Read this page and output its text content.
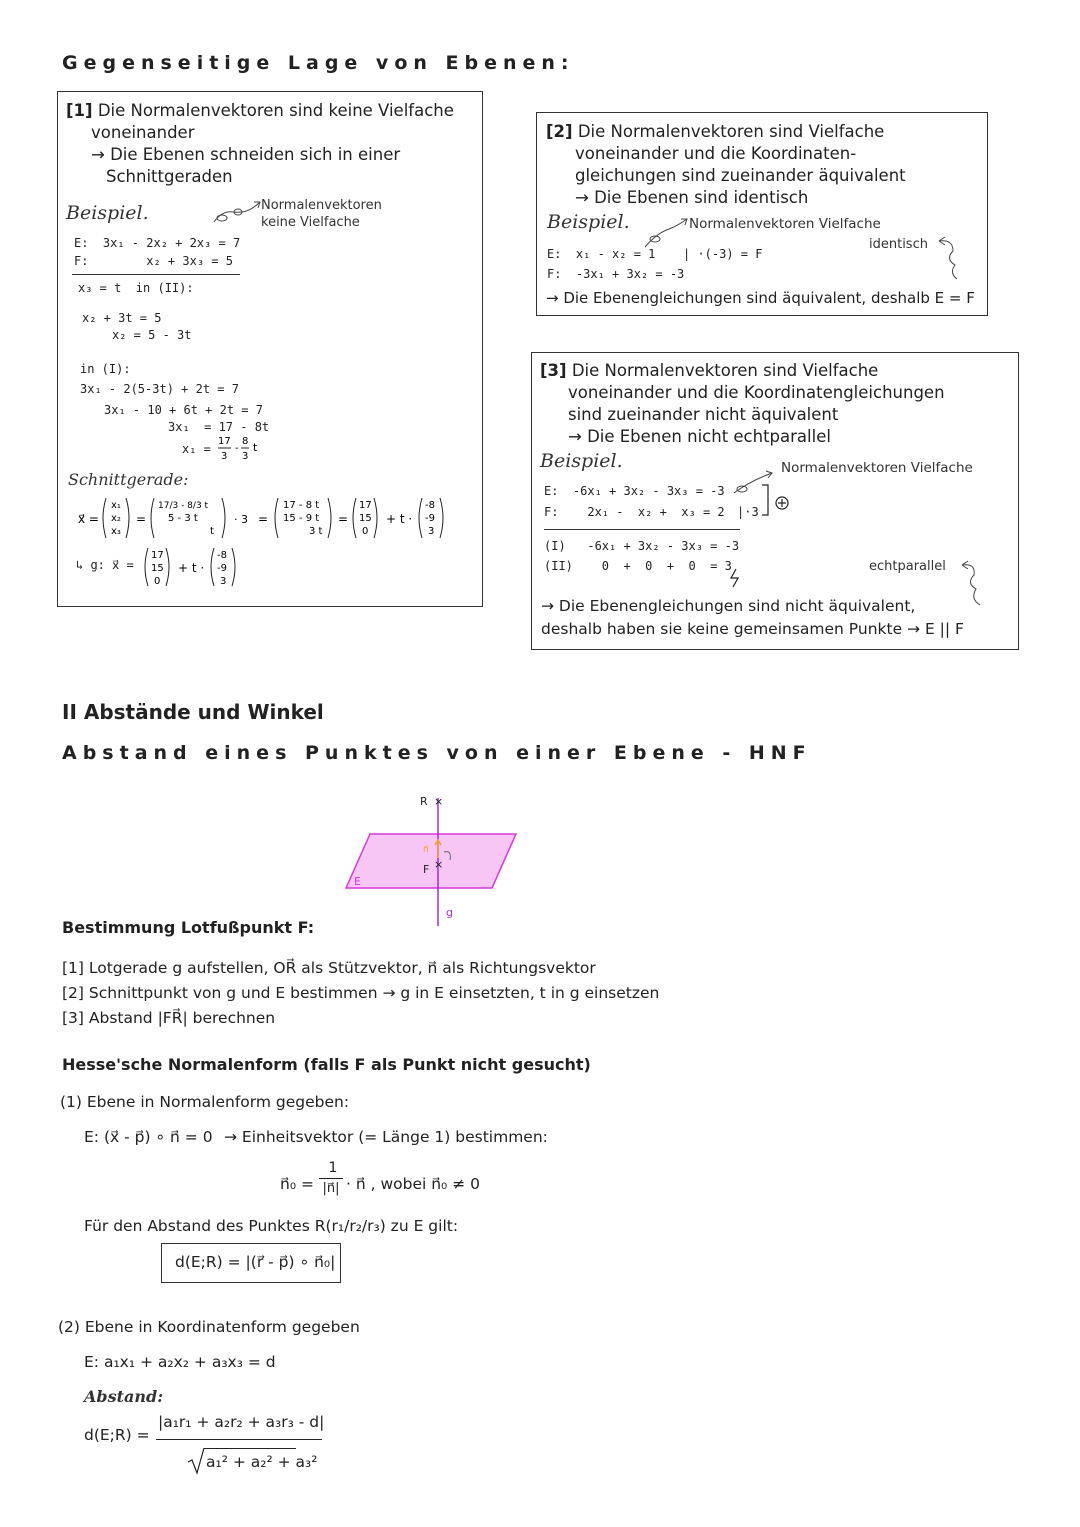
Gegenseitige Lage von Ebenen:
[1] Die Normalenvektoren sind keine Vielfache
voneinander
→ Die Ebenen schneiden sich in einer
Schnittgeraden
Beispiel.	Normalenvektoren
keine Vielfache
E:  3x₁ - 2x₂ + 2x₃ = 7
F:        x₂ + 3x₃ = 5
x₃ = t  in (II):
x₂ + 3t = 5
x₂ = 5 - 3t
in (I):
3x₁ - 2(5-3t) + 2t = 7
3x₁ - 10 + 6t + 2t = 7
3x₁  = 17 - 8t
x₁ =
17
3
-
8
3
t
Schnittgerade:
x⃗ =
x₁
x₂
x₃
=
17/3 - 8/3 t
5 - 3 t
t
· 3 =
17 - 8 t
15 - 9 t
3 t
=
17
15
0
+ t ·
-8
-9
3
↳ g: x⃗ =
17
15
0
+ t ·
-8
-9
3
[2] Die Normalenvektoren sind Vielfache
voneinander und die Koordinaten-
gleichungen sind zueinander äquivalent
→ Die Ebenen sind identisch
Beispiel.	Normalenvektoren Vielfache
identisch
E:  x₁ - x₂ = 1 | ·(-3) = F
F:  -3x₁ + 3x₂ = -3
→ Die Ebenengleichungen sind äquivalent, deshalb E = F
[3] Die Normalenvektoren sind Vielfache
voneinander und die Koordinatengleichungen
sind zueinander nicht äquivalent
→ Die Ebenen nicht echtparallel
Beispiel.	Normalenvektoren Vielfache
E:  -6x₁ + 3x₂ - 3x₃ = -3
F:    2x₁ -  x₂ +  x₃ = 2 |·3
(I)   -6x₁ + 3x₂ - 3x₃ = -3
(II)    0  +  0  +  0  = 3	echtparallel
→ Die Ebenengleichungen sind nicht äquivalent,
deshalb haben sie keine gemeinsamen Punkte → E || F
II Abstände und Winkel
Abstand eines Punktes von einer Ebene - HNF
R ×
n⃗
F ×
E
g
Bestimmung Lotfußpunkt F:
[1] Lotgerade g aufstellen, OR⃗ als Stützvektor, n⃗ als Richtungsvektor
[2] Schnittpunkt von g und E bestimmen → g in E einsetzten, t in g einsetzen
[3] Abstand |FR⃗| berechnen
Hesse'sche Normalenform (falls F als Punkt nicht gesucht)
(1) Ebene in Normalenform gegeben:
E: (x⃗ - p⃗) ∘ n⃗ = 0 → Einheitsvektor (= Länge 1) bestimmen:
n⃗₀ =
1
|n⃗| · n⃗ , wobei n⃗₀ ≠ 0
Für den Abstand des Punktes R(r₁/r₂/r₃) zu E gilt:
d(E;R) = |(r⃗ - p⃗) ∘ n⃗₀|
(2) Ebene in Koordinatenform gegeben
E: a₁x₁ + a₂x₂ + a₃x₃ = d
Abstand:
d(E;R) =
|a₁r₁ + a₂r₂ + a₃r₃ - d|
a₁² + a₂² + a₃²
